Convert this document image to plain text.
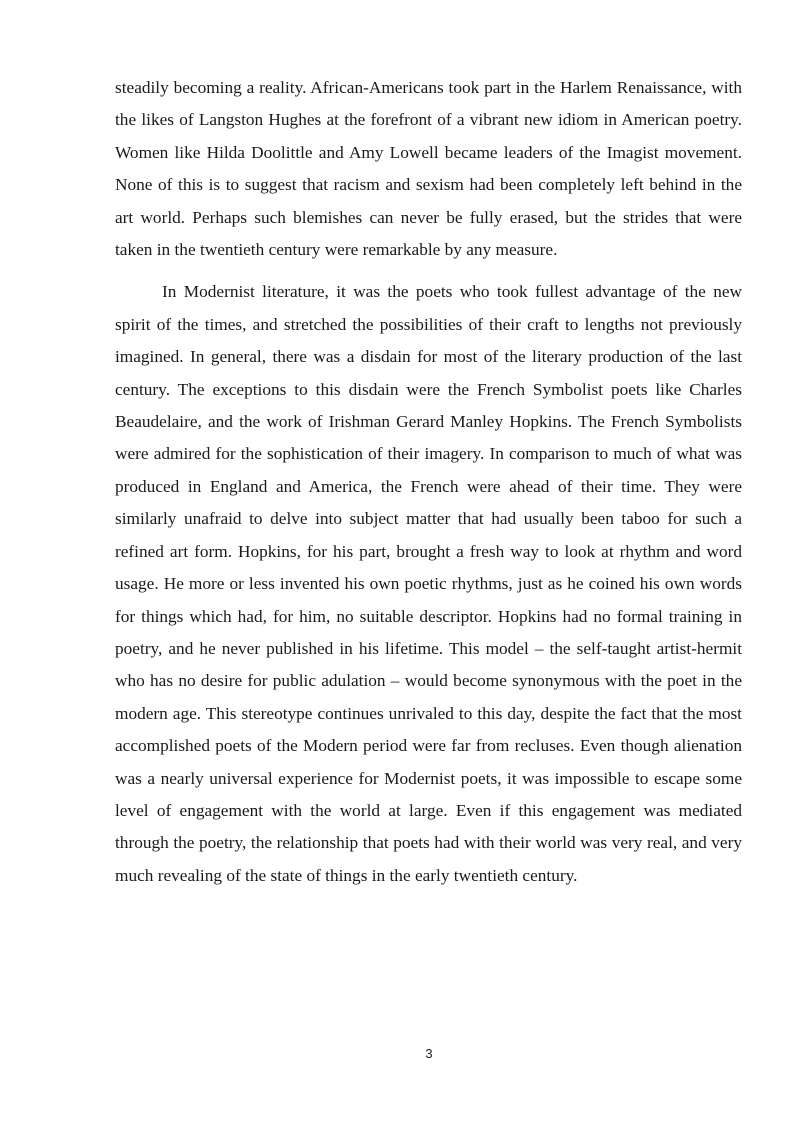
steadily becoming a reality. African-Americans took part in the Harlem Renaissance, with the likes of Langston Hughes at the forefront of a vibrant new idiom in American poetry. Women like Hilda Doolittle and Amy Lowell became leaders of the Imagist movement. None of this is to suggest that racism and sexism had been completely left behind in the art world. Perhaps such blemishes can never be fully erased, but the strides that were taken in the twentieth century were remarkable by any measure.

In Modernist literature, it was the poets who took fullest advantage of the new spirit of the times, and stretched the possibilities of their craft to lengths not previously imagined. In general, there was a disdain for most of the literary production of the last century. The exceptions to this disdain were the French Symbolist poets like Charles Beaudelaire, and the work of Irishman Gerard Manley Hopkins. The French Symbolists were admired for the sophistication of their imagery. In comparison to much of what was produced in England and America, the French were ahead of their time. They were similarly unafraid to delve into subject matter that had usually been taboo for such a refined art form. Hopkins, for his part, brought a fresh way to look at rhythm and word usage. He more or less invented his own poetic rhythms, just as he coined his own words for things which had, for him, no suitable descriptor. Hopkins had no formal training in poetry, and he never published in his lifetime. This model – the self-taught artist-hermit who has no desire for public adulation – would become synonymous with the poet in the modern age. This stereotype continues unrivaled to this day, despite the fact that the most accomplished poets of the Modern period were far from recluses. Even though alienation was a nearly universal experience for Modernist poets, it was impossible to escape some level of engagement with the world at large. Even if this engagement was mediated through the poetry, the relationship that poets had with their world was very real, and very much revealing of the state of things in the early twentieth century.

3
